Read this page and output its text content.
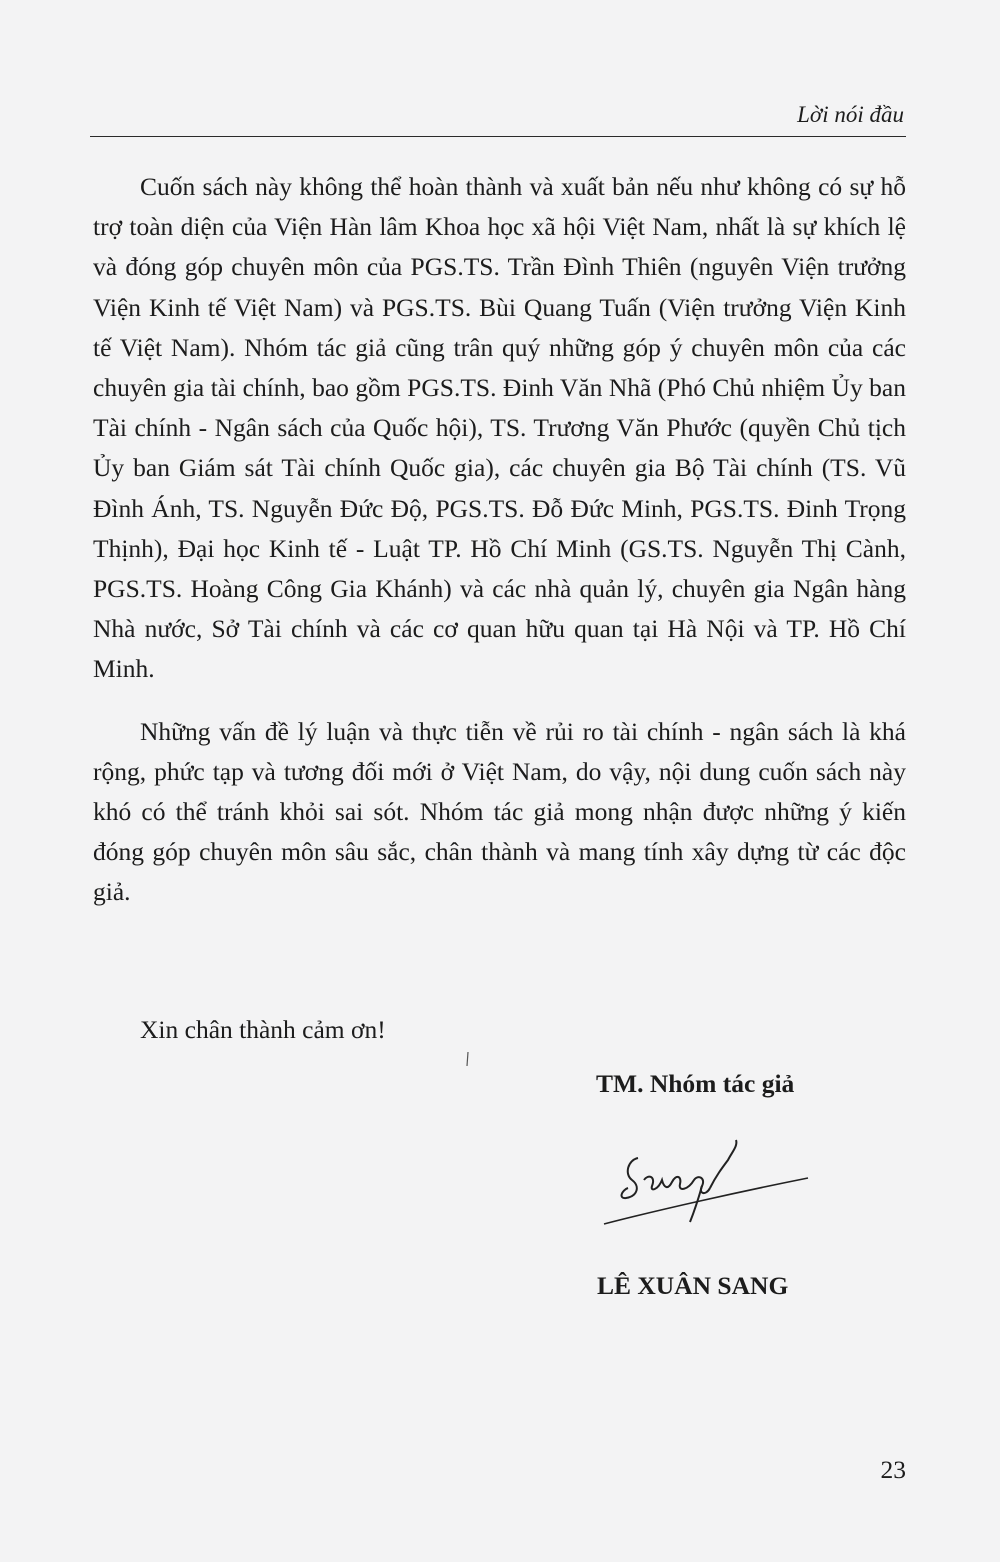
Lời nói đầu

Cuốn sách này không thể hoàn thành và xuất bản nếu như không có sự hỗ trợ toàn diện của Viện Hàn lâm Khoa học xã hội Việt Nam, nhất là sự khích lệ và đóng góp chuyên môn của PGS.TS. Trần Đình Thiên (nguyên Viện trưởng Viện Kinh tế Việt Nam) và PGS.TS. Bùi Quang Tuấn (Viện trưởng Viện Kinh tế Việt Nam). Nhóm tác giả cũng trân quý những góp ý chuyên môn của các chuyên gia tài chính, bao gồm PGS.TS. Đinh Văn Nhã (Phó Chủ nhiệm Ủy ban Tài chính - Ngân sách của Quốc hội), TS. Trương Văn Phước (quyền Chủ tịch Ủy ban Giám sát Tài chính Quốc gia), các chuyên gia Bộ Tài chính (TS. Vũ Đình Ánh, TS. Nguyễn Đức Độ, PGS.TS. Đỗ Đức Minh, PGS.TS. Đinh Trọng Thịnh), Đại học Kinh tế - Luật TP. Hồ Chí Minh (GS.TS. Nguyễn Thị Cành, PGS.TS. Hoàng Công Gia Khánh) và các nhà quản lý, chuyên gia Ngân hàng Nhà nước, Sở Tài chính và các cơ quan hữu quan tại Hà Nội và TP. Hồ Chí Minh.

Những vấn đề lý luận và thực tiễn về rủi ro tài chính - ngân sách là khá rộng, phức tạp và tương đối mới ở Việt Nam, do vậy, nội dung cuốn sách này khó có thể tránh khỏi sai sót. Nhóm tác giả mong nhận được những ý kiến đóng góp chuyên môn sâu sắc, chân thành và mang tính xây dựng từ các độc giả.

Xin chân thành cảm ơn!
TM. Nhóm tác giả
LÊ XUÂN SANG
23
